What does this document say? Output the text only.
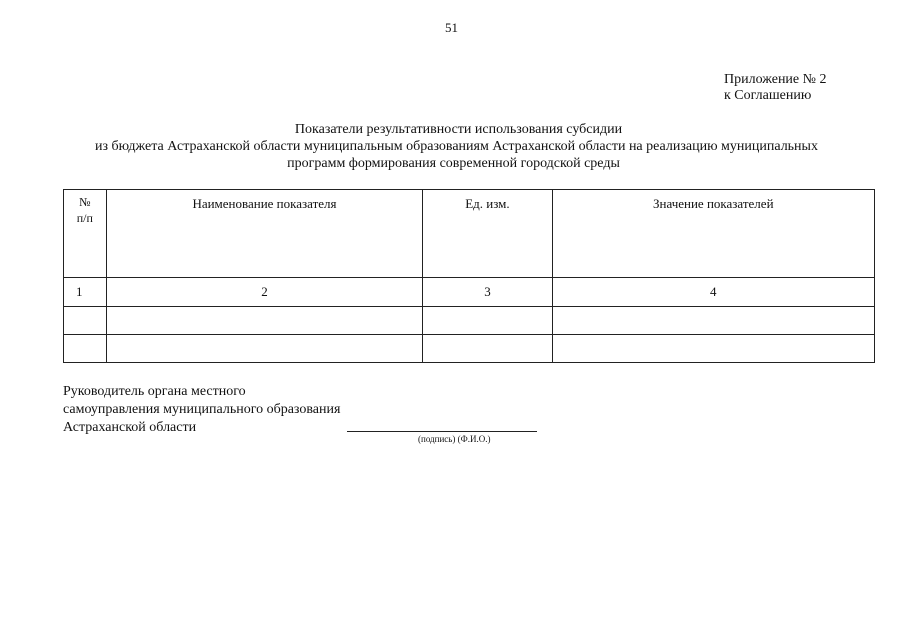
51
Приложение № 2
к Соглашению
Показатели результативности использования субсидии
из бюджета Астраханской области муниципальным образованиям Астраханской области на реализацию муниципальных
программ формирования современной городской среды
№
п/п	Наименование показателя	Ед. изм.	Значение показателей
1	2	3	4

Руководитель органа местного
самоуправления муниципального образования
Астраханской области
(подпись) (Ф.И.О.)
